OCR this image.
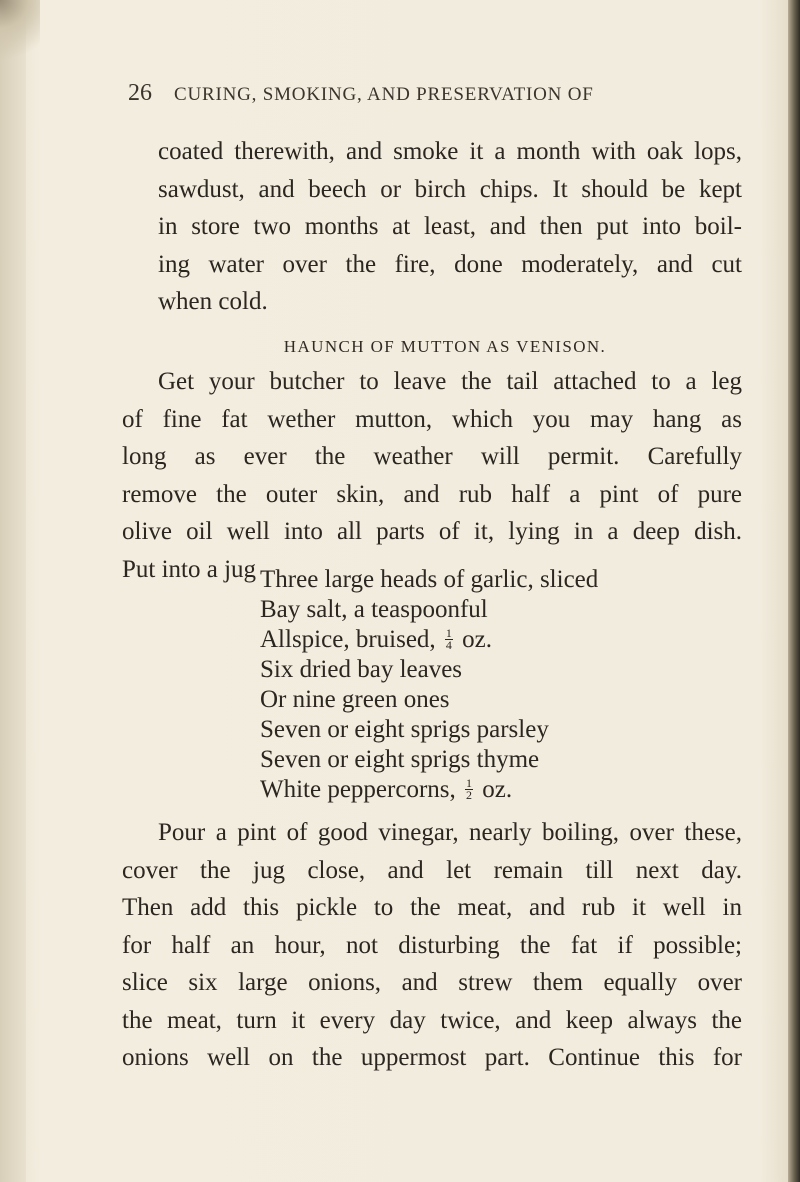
26	CURING, SMOKING, AND PRESERVATION OF
coated therewith, and smoke it a month with oak lops,
sawdust, and beech or birch chips. It should be kept
in store two months at least, and then put into boil-
ing water over the fire, done moderately, and cut
when cold.
HAUNCH OF MUTTON AS VENISON.
Get your butcher to leave the tail attached to a leg
of fine fat wether mutton, which you may hang as
long as ever the weather will permit. Carefully
remove the outer skin, and rub half a pint of pure
olive oil well into all parts of it, lying in a deep dish.
Put into a jug Three large heads of garlic, sliced
Bay salt, a teaspoonful
Allspice, bruised, $\frac{1}{4}$ oz.
Six dried bay leaves
Or nine green ones
Seven or eight sprigs parsley
Seven or eight sprigs thyme
White peppercorns, $\frac{1}{2}$ oz.
Pour a pint of good vinegar, nearly boiling, over these,
cover the jug close, and let remain till next day.
Then add this pickle to the meat, and rub it well in
for half an hour, not disturbing the fat if possible;
slice six large onions, and strew them equally over
the meat, turn it every day twice, and keep always the
onions well on the uppermost part. Continue this for
